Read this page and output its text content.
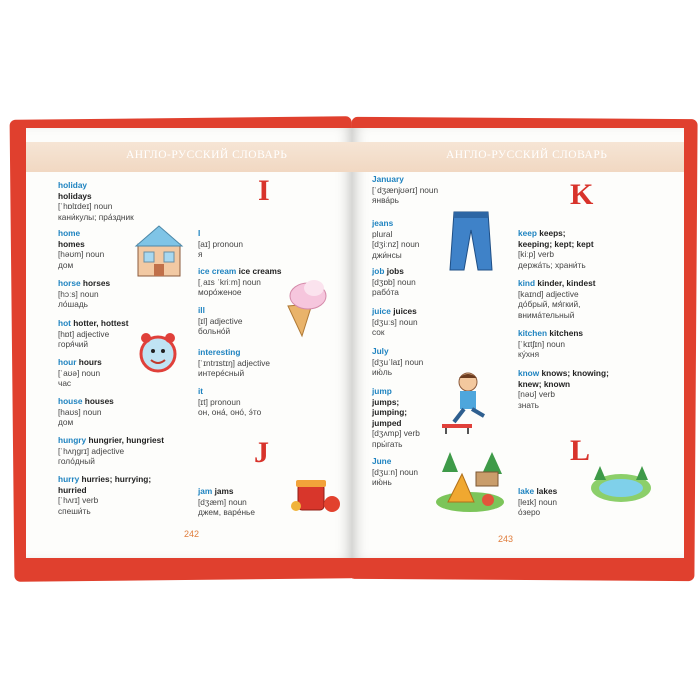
АНГЛО-РУССКИЙ СЛОВАРЬ
I
J
holiday
holidays
[ˈhɒlɪdeɪ] noun
кани́кулы; пра́здник
home
homes
[həʊm] noun
дом
horse horses
[hɔːs] noun
ло́шадь
hot hotter, hottest
[hɒt] adjective
горя́чий
hour hours
[ˈaʊə] noun
час
house houses
[haʊs] noun
дом
hungry hungrier, hungriest
[ˈhʌŋgrɪ] adjective
голо́дный
hurry hurries; hurrying;
hurried
[ˈhʌrɪ] verb
спеши́ть
I
[aɪ] pronoun
я
ice cream ice creams
[ˌaɪs ˈkriːm] noun
моро́женое
ill
[ɪl] adjective
больно́й
interesting
[ˈɪntrɪstɪŋ] adjective
интере́сный
it
[ɪt] pronoun
он, она́, оно́, э́то
jam jams
[dʒæm] noun
джем, варе́нье
242
АНГЛО-РУССКИЙ СЛОВАРЬ
K
L
January
[ˈdʒænjʊərɪ] noun
янва́рь
jeans
plural
[dʒiːnz] noun
джи́нсы
job jobs
[dʒɒb] noun
рабо́та
juice juices
[dʒuːs] noun
сок
July
[dʒuˈlaɪ] noun
ию́ль
jump
jumps;
jumping;
jumped
[dʒʌmp] verb
пры́гать
June
[dʒuːn] noun
ию́нь
keep keeps;
keeping; kept; kept
[kiːp] verb
держа́ть; храни́ть
kind kinder, kindest
[kaɪnd] adjective
до́брый, мя́гкий,
внима́тельный
kitchen kitchens
[ˈkɪtʃɪn] noun
ку́хня
know knows; knowing;
knew; known
[nəʊ] verb
знать
lake lakes
[leɪk] noun
о́зеро
243
